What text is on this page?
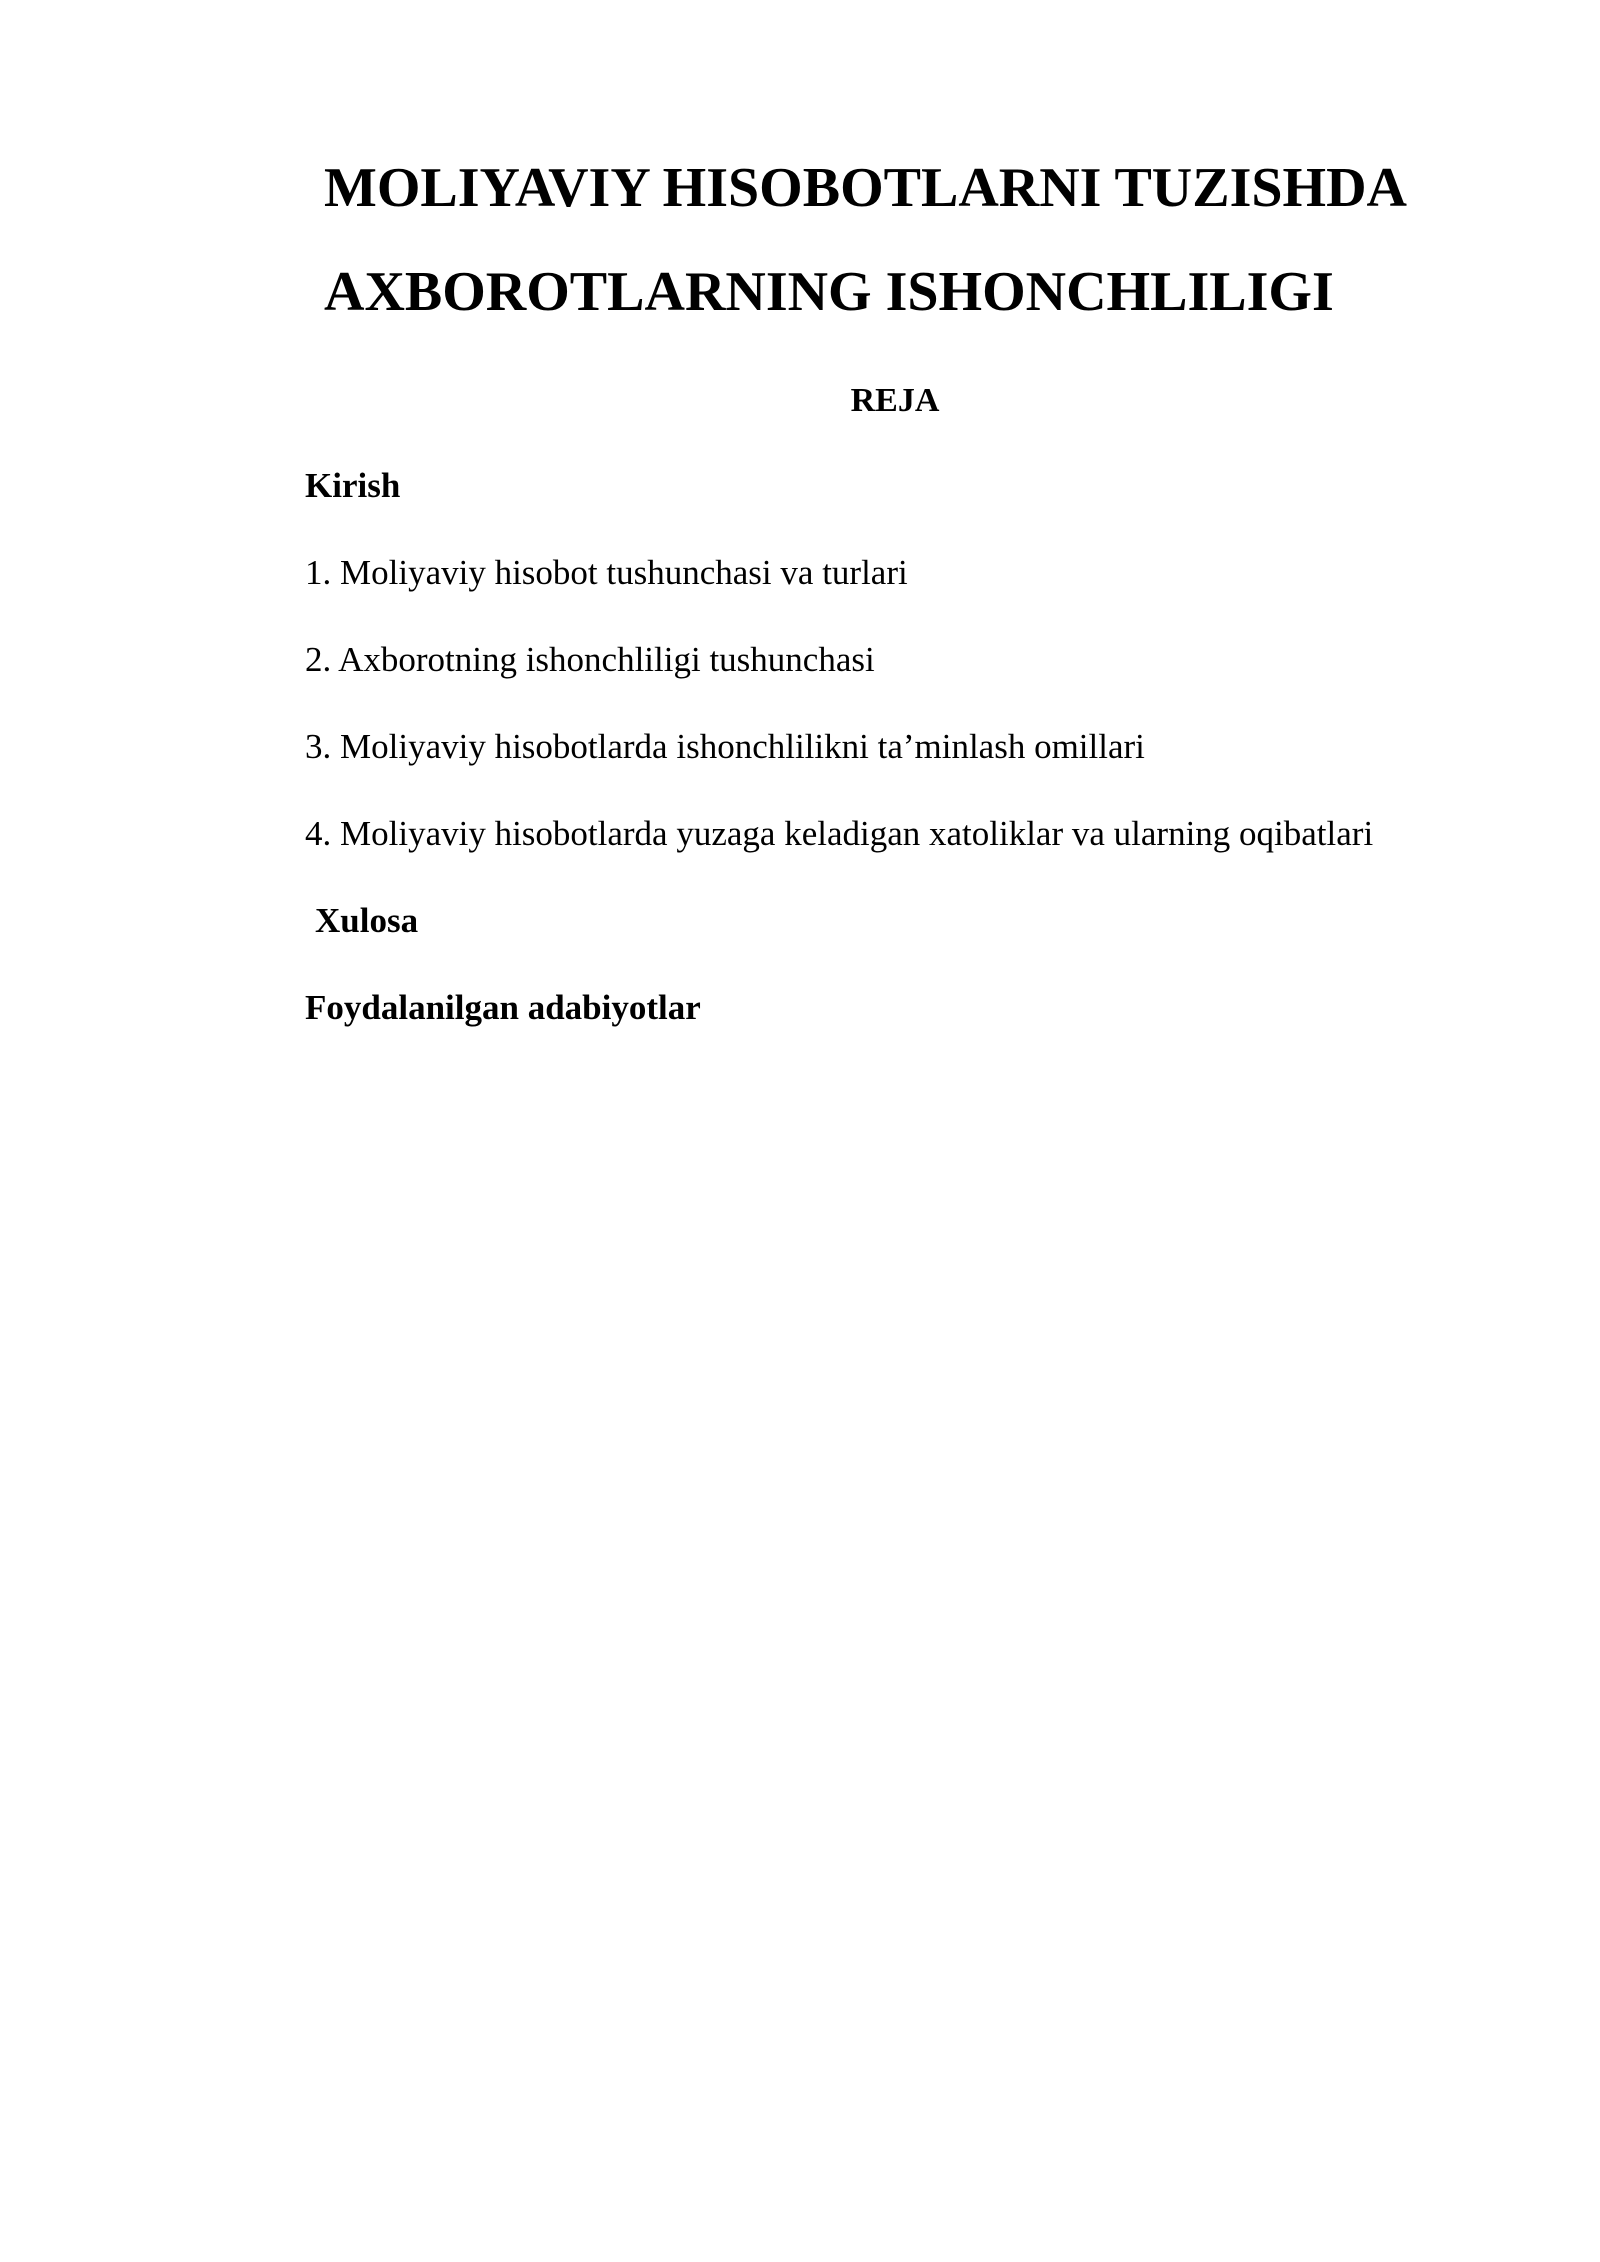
MOLIYAVIY HISOBOTLARNI TUZISHDA
AXBOROTLARNING ISHONCHLILIGI
REJA
Kirish
1. Moliyaviy hisobot tushunchasi va turlari
2. Axborotning ishonchliligi tushunchasi
3. Moliyaviy hisobotlarda ishonchlilikni ta’minlash omillari
4. Moliyaviy hisobotlarda yuzaga keladigan xatoliklar va ularning oqibatlari
Xulosa
Foydalanilgan adabiyotlar
